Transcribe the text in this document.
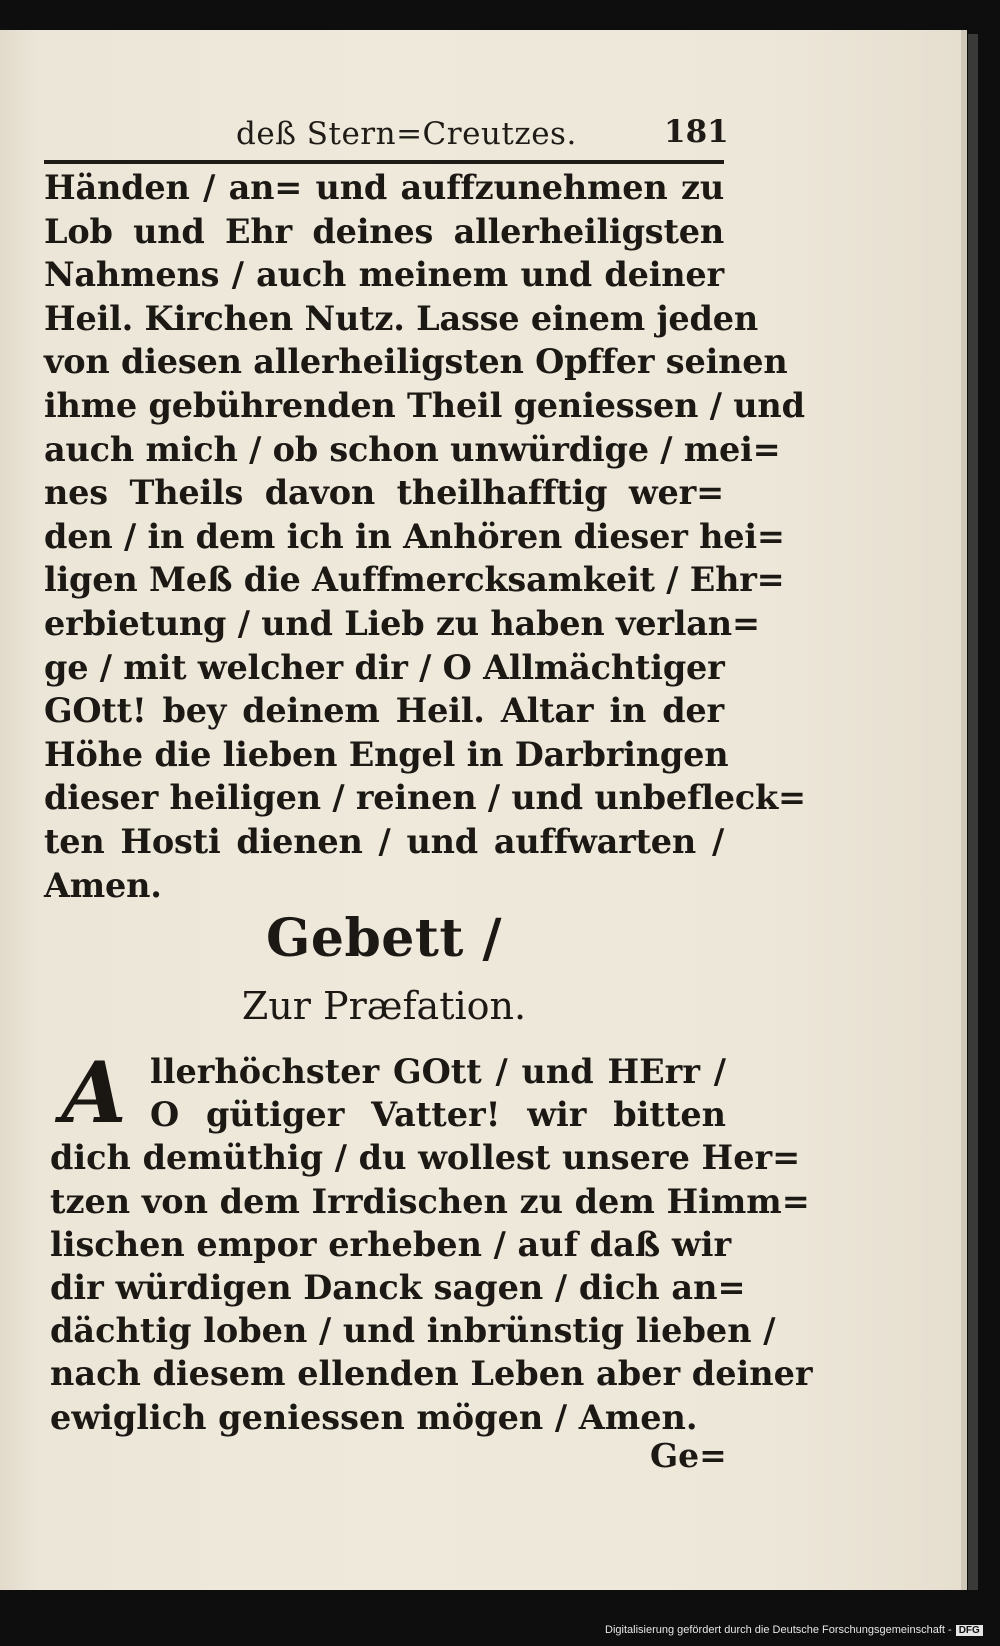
deß Stern=Creutzes.	181
Händen / an= und auffzunehmen zu
Lob und Ehr deines allerheiligsten
Nahmens / auch meinem und deiner
Heil. Kirchen Nutz. Lasse einem jeden
von diesen allerheiligsten Opffer seinen
ihme gebührenden Theil geniessen / und
auch mich / ob schon unwürdige / mei=
nes Theils davon theilhafftig wer=
den / in dem ich in Anhören dieser hei=
ligen Meß die Auffmercksamkeit / Ehr=
erbietung / und Lieb zu haben verlan=
ge / mit welcher dir / O Allmächtiger
GOtt! bey deinem Heil. Altar in der
Höhe die lieben Engel in Darbringen
dieser heiligen / reinen / und unbefleck=
ten Hosti dienen / und auffwarten /
Amen.
Gebett /
Zur Præfation.
A llerhöchster GOtt / und HErr /
O gütiger Vatter! wir bitten
dich demüthig / du wollest unsere Her=
tzen von dem Irrdischen zu dem Himm=
lischen empor erheben / auf daß wir
dir würdigen Danck sagen / dich an=
dächtig loben / und inbrünstig lieben /
nach diesem ellenden Leben aber deiner
ewiglich geniessen mögen / Amen.
Ge=
Digitalisierung gefördert durch die Deutsche Forschungsgemeinschaft - DFG
